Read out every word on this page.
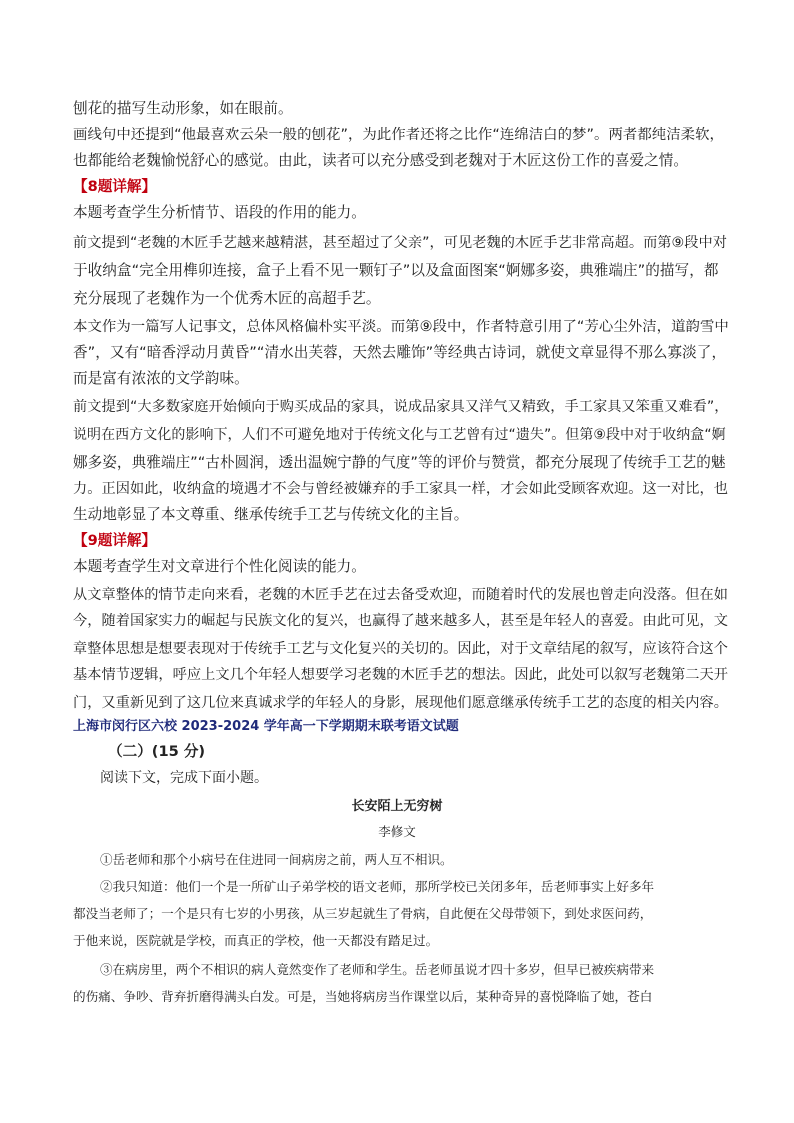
刨花的描写生动形象，如在眼前。
画线句中还提到“他最喜欢云朵一般的刨花”，为此作者还将之比作“连绵洁白的梦”。两者都纯洁柔软，
也都能给老魏愉悦舒心的感觉。由此，读者可以充分感受到老魏对于木匠这份工作的喜爱之情。
【8题详解】
本题考查学生分析情节、语段的作用的能力。
前文提到“老魏的木匠手艺越来越精湛，甚至超过了父亲”，可见老魏的木匠手艺非常高超。而第⑨段中对
于收纳盒“完全用榫卯连接，盒子上看不见一颗钉子”以及盒面图案“婀娜多姿，典雅端庄”的描写，都
充分展现了老魏作为一个优秀木匠的高超手艺。
本文作为一篇写人记事文，总体风格偏朴实平淡。而第⑨段中，作者特意引用了“芳心尘外洁，道韵雪中
香”，又有“暗香浮动月黄昏”“清水出芙蓉，天然去雕饰”等经典古诗词，就使文章显得不那么寡淡了，
而是富有浓浓的文学韵味。
前文提到“大多数家庭开始倾向于购买成品的家具，说成品家具又洋气又精致，手工家具又笨重又难看”，
说明在西方文化的影响下，人们不可避免地对于传统文化与工艺曾有过“遗失”。但第⑨段中对于收纳盒“婀
娜多姿，典雅端庄”“古朴圆润，透出温婉宁静的气度”等的评价与赞赏，都充分展现了传统手工艺的魅
力。正因如此，收纳盒的境遇才不会与曾经被嫌弃的手工家具一样，才会如此受顾客欢迎。这一对比，也
生动地彰显了本文尊重、继承传统手工艺与传统文化的主旨。
【9题详解】
本题考查学生对文章进行个性化阅读的能力。
从文章整体的情节走向来看，老魏的木匠手艺在过去备受欢迎，而随着时代的发展也曾走向没落。但在如
今，随着国家实力的崛起与民族文化的复兴，也赢得了越来越多人，甚至是年轻人的喜爱。由此可见，文
章整体思想是想要表现对于传统手工艺与文化复兴的关切的。因此，对于文章结尾的叙写，应该符合这个
基本情节逻辑，呼应上文几个年轻人想要学习老魏的木匠手艺的想法。因此，此处可以叙写老魏第二天开
门，又重新见到了这几位来真诚求学的年轻人的身影，展现他们愿意继承传统手工艺的态度的相关内容。
上海市闵行区六校 2023-2024 学年高一下学期期末联考语文试题
（二）(15 分)
阅读下文，完成下面小题。
长安陌上无穷树
李修文
①岳老师和那个小病号在住进同一间病房之前，两人互不相识。
②我只知道：他们一个是一所矿山子弟学校的语文老师，那所学校已关闭多年，岳老师事实上好多年
都没当老师了；一个是只有七岁的小男孩，从三岁起就生了骨病，自此便在父母带领下，到处求医问药，
于他来说，医院就是学校，而真正的学校，他一天都没有踏足过。
③在病房里，两个不相识的病人竟然变作了老师和学生。岳老师虽说才四十多岁，但早已被疾病带来
的伤痛、争吵、背弃折磨得满头白发。可是，当她将病房当作课堂以后，某种奇异的喜悦降临了她，苍白
